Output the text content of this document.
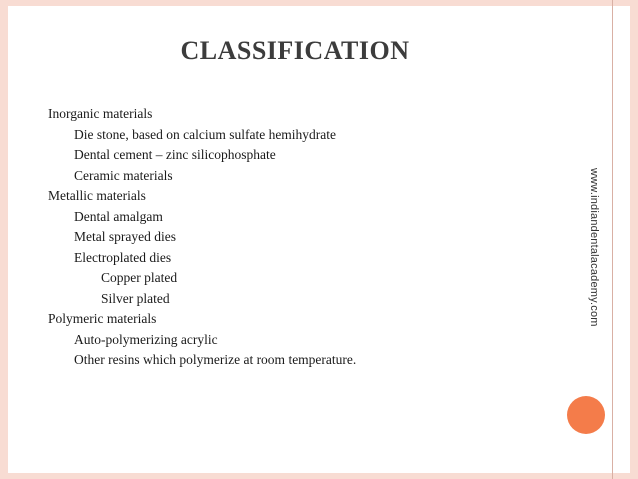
CLASSIFICATION
Inorganic materials
Die stone, based on calcium sulfate hemihydrate
Dental cement – zinc silicophosphate
Ceramic materials
Metallic materials
Dental amalgam
Metal sprayed dies
Electroplated dies
Copper plated
Silver plated
Polymeric materials
Auto-polymerizing acrylic
Other resins which polymerize at room temperature.
www.indiandentalacademy.com
